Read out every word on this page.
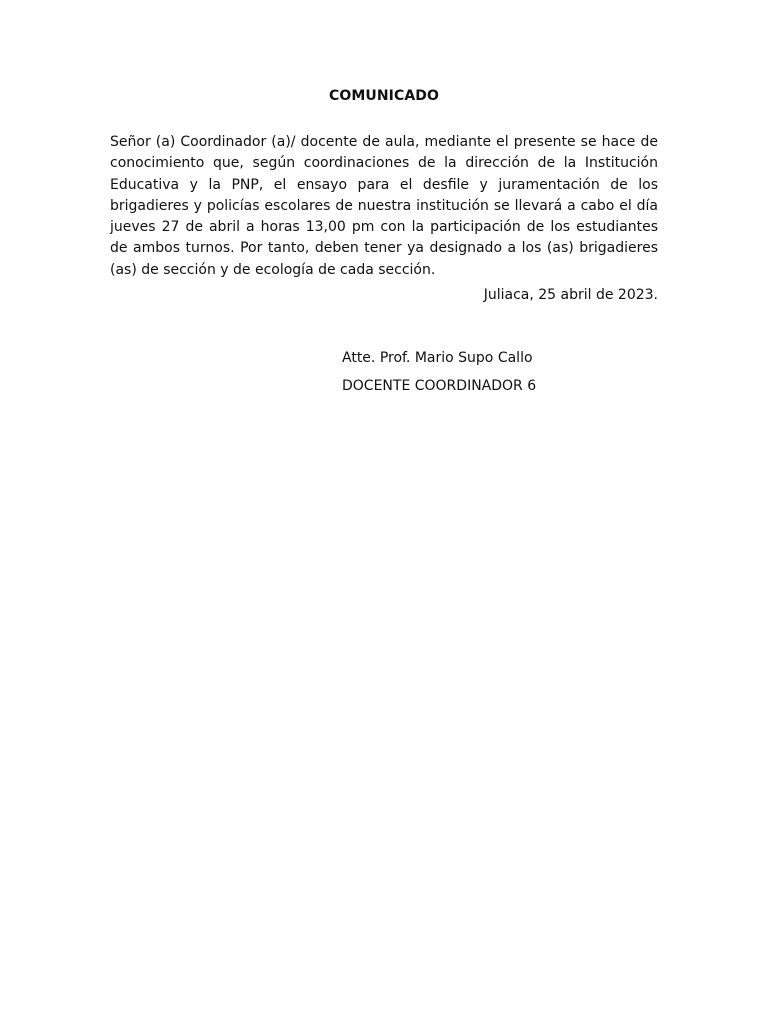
COMUNICADO

Señor (a) Coordinador (a)/ docente de aula, mediante el presente se hace de conocimiento que, según coordinaciones de la dirección de la Institución Educativa y la PNP, el ensayo para el desfile y juramentación de los brigadieres y policías escolares de nuestra institución se llevará a cabo el día jueves 27 de abril a horas 13,00 pm con la participación de los estudiantes de ambos turnos. Por tanto, deben tener ya designado a los (as) brigadieres (as) de sección y de ecología de cada sección.

Juliaca, 25 abril de 2023.
Atte. Prof. Mario Supo Callo
DOCENTE COORDINADOR 6
